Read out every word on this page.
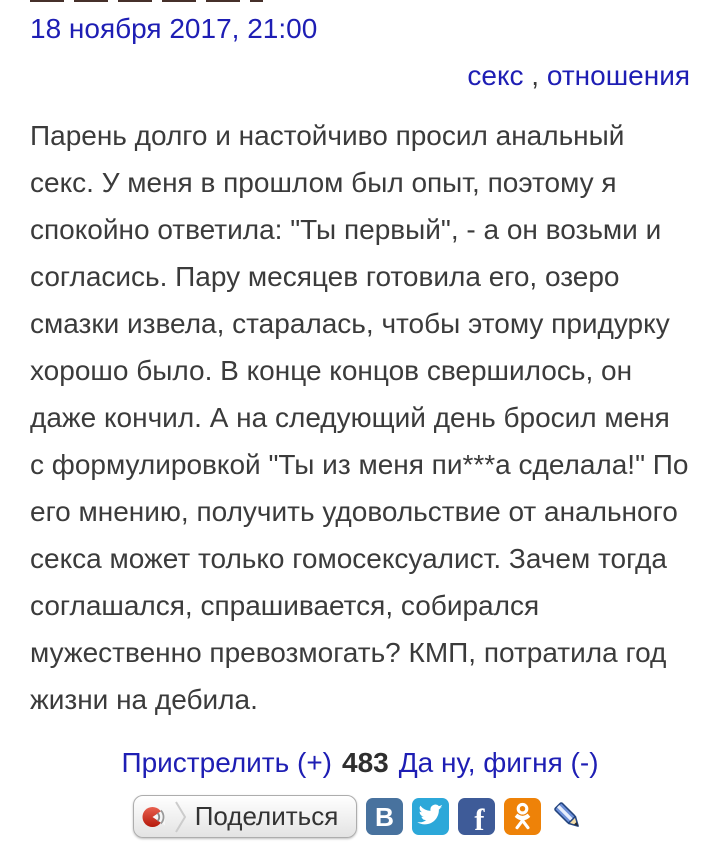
18 ноября 2017, 21:00
секс , отношения
Парень долго и настойчиво просил анальный секс. У меня в прошлом был опыт, поэтому я спокойно ответила: "Ты первый", - а он возьми и согласись. Пару месяцев готовила его, озеро смазки извела, старалась, чтобы этому придурку хорошо было. В конце концов свершилось, он даже кончил. А на следующий день бросил меня с формулировкой "Ты из меня пи***а сделала!" По его мнению, получить удовольствие от анального секса может только гомосексуалист. Зачем тогда соглашался, спрашивается, собирался мужественно превозмогать? КМП, потратила год жизни на дебила.
Пристрелить (+) 483 Да ну, фигня (-)
Поделиться В	f
